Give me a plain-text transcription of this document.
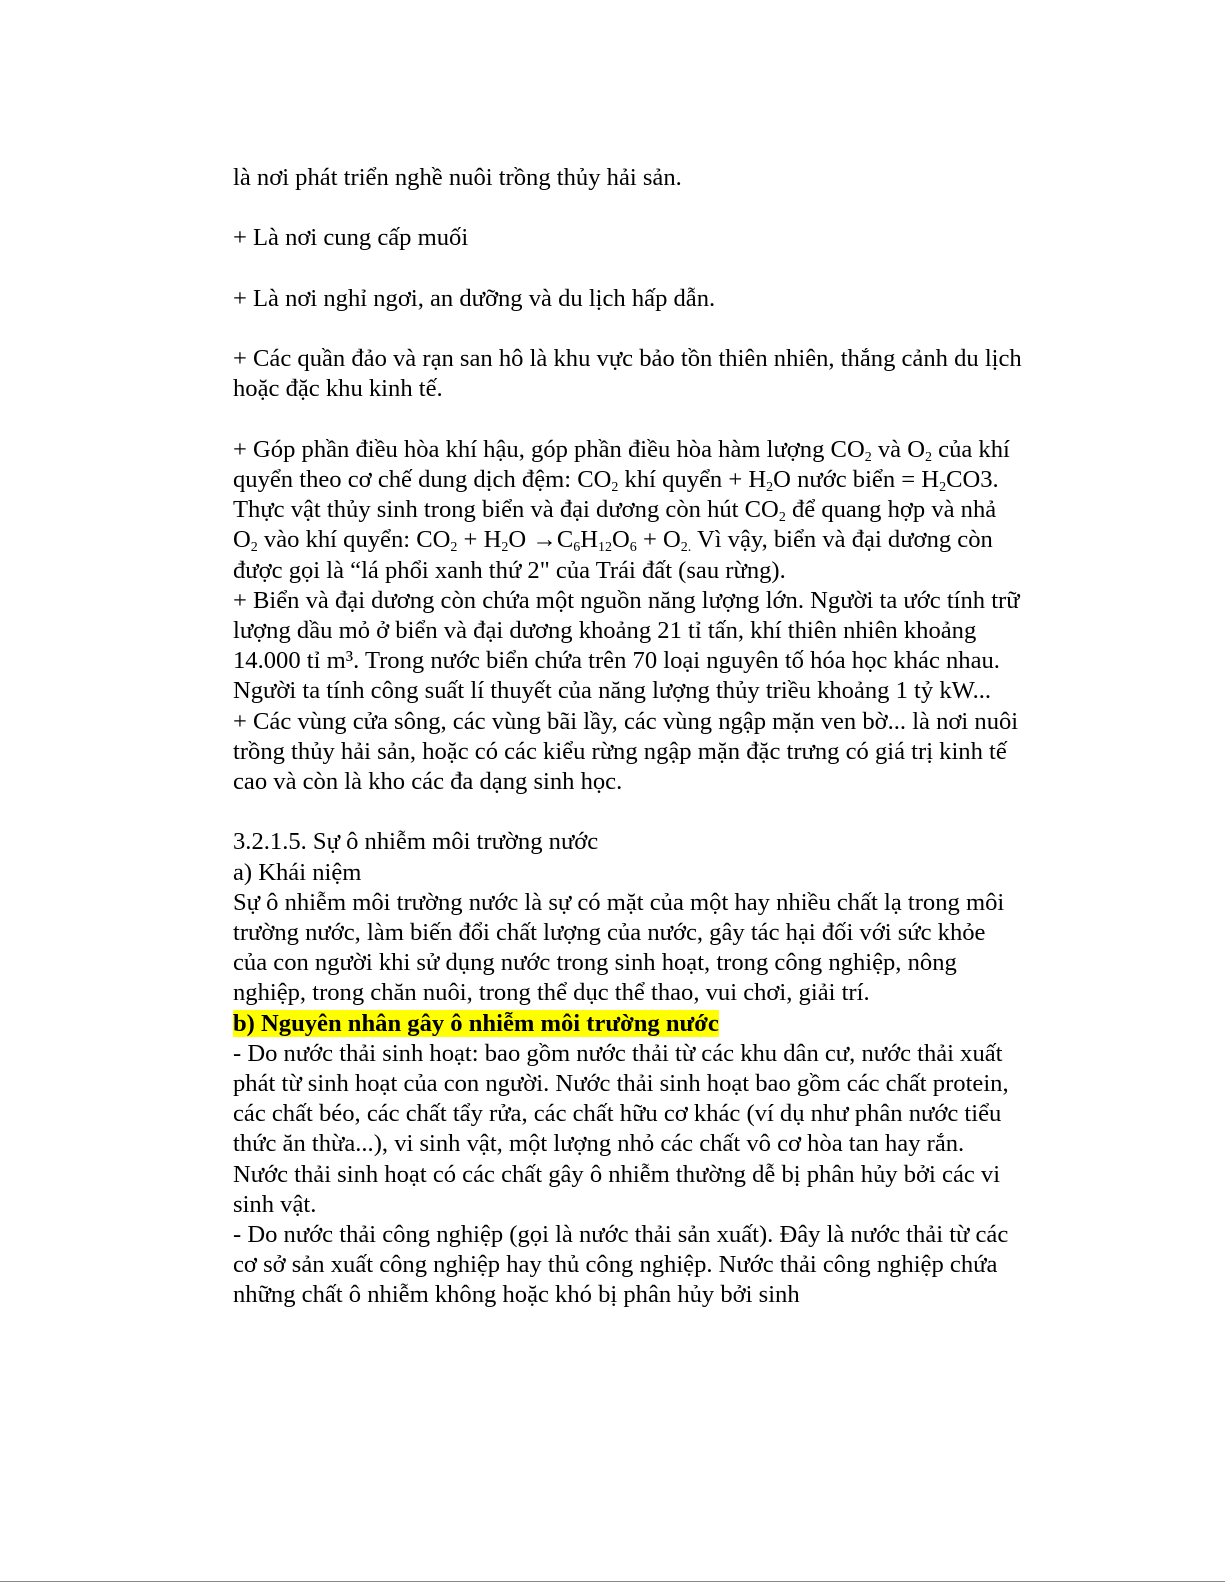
là nơi phát triển nghề nuôi trồng thủy hải sản.

+ Là nơi cung cấp muối

+ Là nơi nghỉ ngơi, an dưỡng và du lịch hấp dẫn.

+ Các quần đảo và rạn san hô là khu vực bảo tồn thiên nhiên, thắng cảnh du lịch hoặc đặc khu kinh tế.

+ Góp phần điều hòa khí hậu, góp phần điều hòa hàm lượng $CO_2$ và $O_2$ của khí quyển theo cơ chế dung dịch đệm: $CO_2$ khí quyển + $H_2O$ nước biển = $H_2CO3$. Thực vật thủy sinh trong biển và đại dương còn hút $CO_2$ để quang hợp và nhả $O_2$ vào khí quyển: $CO_2 + H_2O \to C_6H_{12}O_6 + O_{2.}$ Vì vậy, biển và đại dương còn được gọi là “lá phổi xanh thứ 2" của Trái đất (sau rừng).

+ Biển và đại dương còn chứa một nguồn năng lượng lớn. Người ta ước tính trữ lượng dầu mỏ ở biển và đại dương khoảng 21 tỉ tấn, khí thiên nhiên khoảng 14.000 tỉ m³. Trong nước biển chứa trên 70 loại nguyên tố hóa học khác nhau. Người ta tính công suất lí thuyết của năng lượng thủy triều khoảng 1 tỷ kW...

+ Các vùng cửa sông, các vùng bãi lầy, các vùng ngập mặn ven bờ... là nơi nuôi trồng thủy hải sản, hoặc có các kiểu rừng ngập mặn đặc trưng có giá trị kinh tế cao và còn là kho các đa dạng sinh học.

3.2.1.5. Sự ô nhiễm môi trường nước

a) Khái niệm

Sự ô nhiễm môi trường nước là sự có mặt của một hay nhiều chất lạ trong môi trường nước, làm biến đổi chất lượng của nước, gây tác hại đối với sức khỏe của con người khi sử dụng nước trong sinh hoạt, trong công nghiệp, nông nghiệp, trong chăn nuôi, trong thể dục thể thao, vui chơi, giải trí.

b) Nguyên nhân gây ô nhiễm môi trường nước

- Do nước thải sinh hoạt: bao gồm nước thải từ các khu dân cư, nước thải xuất phát từ sinh hoạt của con người. Nước thải sinh hoạt bao gồm các chất protein, các chất béo, các chất tẩy rửa, các chất hữu cơ khác (ví dụ như phân nước tiểu thức ăn thừa...), vi sinh vật, một lượng nhỏ các chất vô cơ hòa tan hay rắn. Nước thải sinh hoạt có các chất gây ô nhiễm thường dễ bị phân hủy bởi các vi sinh vật.

- Do nước thải công nghiệp (gọi là nước thải sản xuất). Đây là nước thải từ các cơ sở sản xuất công nghiệp hay thủ công nghiệp. Nước thải công nghiệp chứa những chất ô nhiễm không hoặc khó bị phân hủy bởi sinh
